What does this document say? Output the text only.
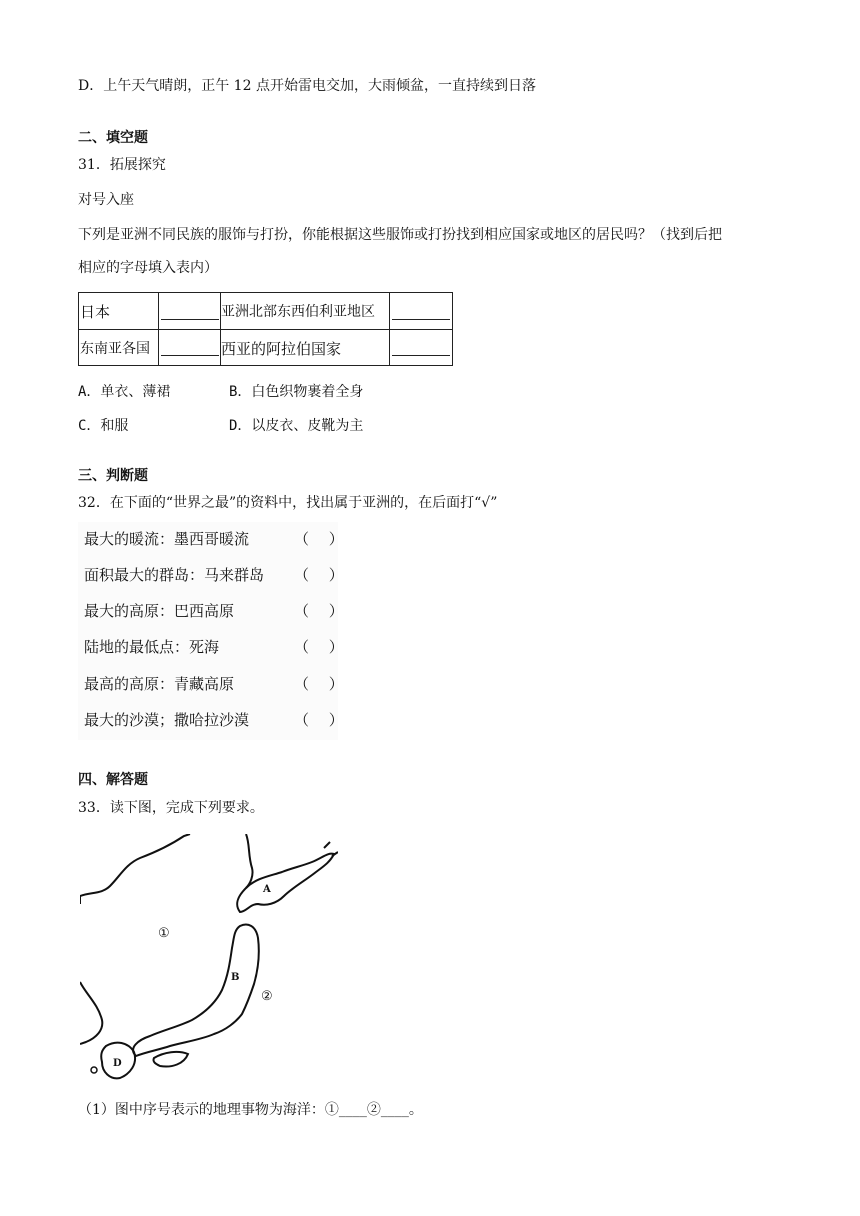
D．上午天气晴朗，正午 12 点开始雷电交加，大雨倾盆，一直持续到日落
二、填空题
31．拓展探究
对号入座
下列是亚洲不同民族的服饰与打扮，你能根据这些服饰或打扮找到相应国家或地区的居民吗？（找到后把
相应的字母填入表内）
日本	亚洲北部东西伯利亚地区
东南亚各国	西亚的阿拉伯国家
A．单衣、薄裙	B．白色织物裹着全身
C．和服	D．以皮衣、皮靴为主
三、判断题
32．在下面的“世界之最”的资料中，找出属于亚洲的，在后面打“√”
最大的暖流：墨西哥暖流	（　 ）
面积最大的群岛：马来群岛 （　 ）
最大的高原：巴西高原	（　 ）
陆地的最低点：死海	（　 ）
最高的高原：青藏高原	（　 ）
最大的沙漠；撒哈拉沙漠	（　 ）
四、解答题
33．读下图，完成下列要求。
A
B
D
①
②
（1）图中序号表示的地理事物为海洋：①____②____。
